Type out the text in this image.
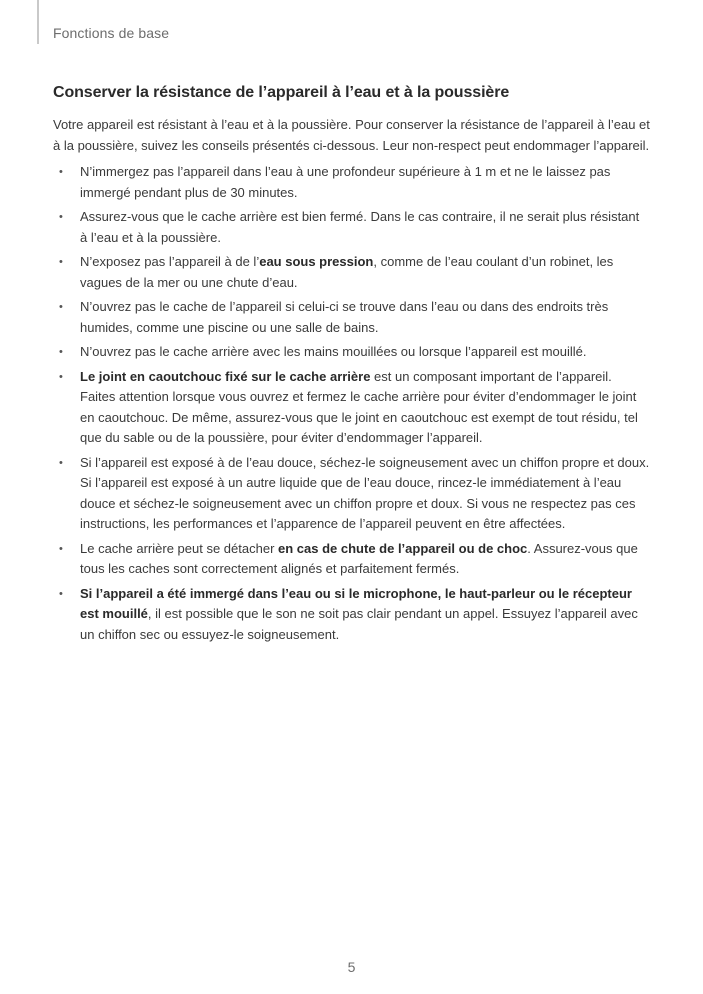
Fonctions de base
Conserver la résistance de l’appareil à l’eau et à la poussière

Votre appareil est résistant à l’eau et à la poussière. Pour conserver la résistance de l’appareil à l’eau et à la poussière, suivez les conseils présentés ci-dessous. Leur non-respect peut endommager l’appareil.

• N’immergez pas l’appareil dans l’eau à une profondeur supérieure à 1 m et ne le laissez pas immergé pendant plus de 30 minutes.
• Assurez-vous que le cache arrière est bien fermé. Dans le cas contraire, il ne serait plus résistant à l’eau et à la poussière.
• N’exposez pas l’appareil à de l’eau sous pression, comme de l’eau coulant d’un robinet, les vagues de la mer ou une chute d’eau.
• N’ouvrez pas le cache de l’appareil si celui-ci se trouve dans l’eau ou dans des endroits très humides, comme une piscine ou une salle de bains.
• N’ouvrez pas le cache arrière avec les mains mouillées ou lorsque l’appareil est mouillé.
• Le joint en caoutchouc fixé sur le cache arrière est un composant important de l’appareil. Faites attention lorsque vous ouvrez et fermez le cache arrière pour éviter d’endommager le joint en caoutchouc. De même, assurez-vous que le joint en caoutchouc est exempt de tout résidu, tel que du sable ou de la poussière, pour éviter d’endommager l’appareil.
• Si l’appareil est exposé à de l’eau douce, séchez-le soigneusement avec un chiffon propre et doux. Si l’appareil est exposé à un autre liquide que de l’eau douce, rincez-le immédiatement à l’eau douce et séchez-le soigneusement avec un chiffon propre et doux. Si vous ne respectez pas ces instructions, les performances et l’apparence de l’appareil peuvent en être affectées.
• Le cache arrière peut se détacher en cas de chute de l’appareil ou de choc. Assurez-vous que tous les caches sont correctement alignés et parfaitement fermés.
• Si l’appareil a été immergé dans l’eau ou si le microphone, le haut-parleur ou le récepteur est mouillé, il est possible que le son ne soit pas clair pendant un appel. Essuyez l’appareil avec un chiffon sec ou essuyez-le soigneusement.
5
